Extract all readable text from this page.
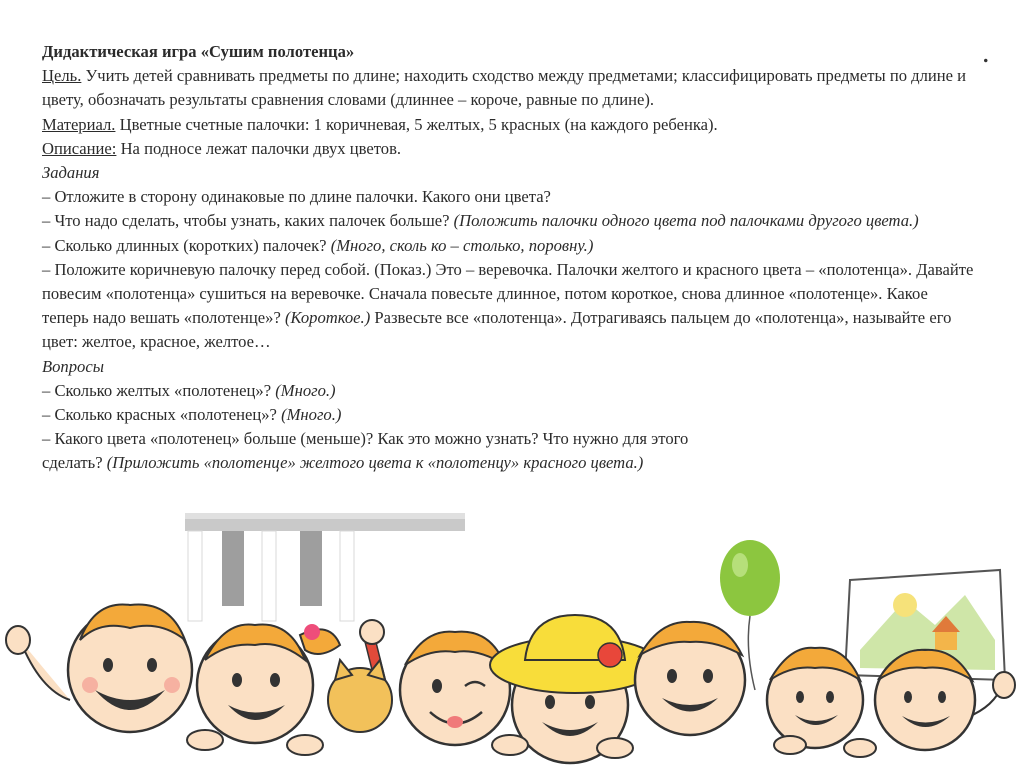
.

Дидактическая игра «Сушим полотенца»

Цель. Учить детей сравнивать предметы по длине; находить сходство между предметами; классифицировать предметы по длине и цвету, обозначать результаты сравнения словами (длиннее – короче, равные по длине).

Материал. Цветные счетные палочки: 1 коричневая, 5 желтых, 5 красных (на каждого ребенка).

Описание: На подносе лежат палочки двух цветов.

Задания

– Отложите в сторону одинаковые по длине палочки. Какого они цвета?

– Что надо сделать, чтобы узнать, каких палочек больше? (Положить палочки одного цвета под палочками другого цвета.)

– Сколько длинных (коротких) палочек? (Много, сколь ко – столько, поровну.)

– Положите коричневую палочку перед собой. (Показ.) Это – веревочка. Палочки желтого и красного цвета – «полотенца». Давайте повесим «полотенца» сушиться на веревочке. Сначала повесьте длинное, потом короткое, снова длинное «полотенце». Какое теперь надо вешать «полотенце»? (Короткое.) Развесьте все «полотенца». Дотрагиваясь пальцем до «полотенца», называйте его цвет: желтое, красное, желтое…

Вопросы

– Сколько желтых «полотенец»? (Много.)

– Сколько красных «полотенец»? (Много.)

– Какого цвета «полотенец» больше (меньше)? Как это можно узнать? Что нужно для этого
сделать? (Приложить «полотенце» желтого цвета к «полотенцу» красного цвета.)
